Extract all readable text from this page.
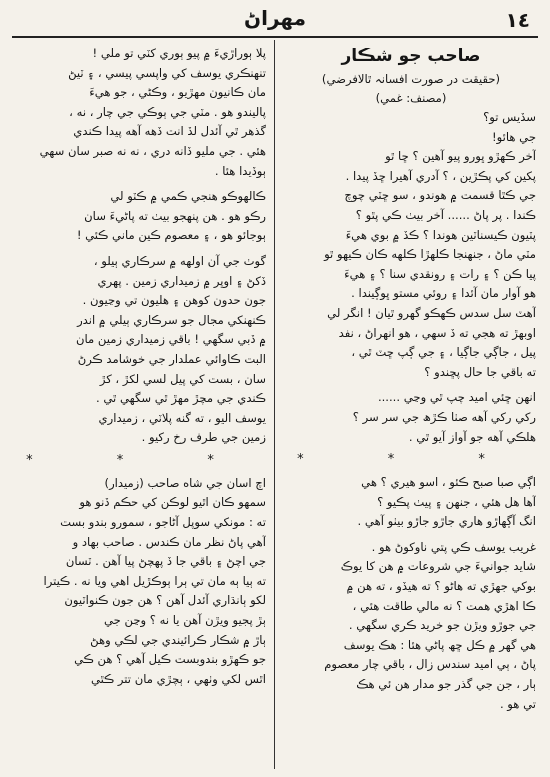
مهراڻ	١٤
صاحب جو شڪار
(حقيقت در صورت افسانہ ٿالافرضي)
(مصنف: غمي)
سڏيس تو؟
جي هائو!
آخر ڪهڙو ڀورو پيو آهين ؟ ڇا ٿو
پکين کي پڪڙين ، ؟ آدري آهيرا ڇڏ پيدا .
جي ڪٿا قسمت ۾ هوندو ، سو ڇٽي چوچ
ڪندا . پر پاڻ ...... آخر بيٺ ڪي پٿو ؟
پٽيون ڪيسناٽين هوندا ؟ ڪڏ ۾ بوي هيءَ
مٽي ماڻ ، جنهنجا ڪلهڙا ڪلهه ڪان ڪيهو ٿو
پيا ڪن ؟ ۽ رات ۽ رونقدي سنا ؟ ۽ هيءَ
هو آوار مان آئدا ۽ روئي مستو ڀوڳيندا .
آهٽ سل سدس ڪهڪو گهرو ٿيان ! انگر لي
اوبھڙ ته هجي ته ڏ سهي ، هو انهراڻ ، نفد
پيل ، جاڳي جاڳيا ، ۽ جي ڳپ ڇٽ ٿي ،
ته باقي جا حال پڇندو ؟
انهن ڇئي اميد چپ ٿي وڃي ......
رکي رکي آهه صٺا ڪڙھ جي سر سر ؟
هلڪي آهه جو آواز آيو ٿي .
* * *
اڳي صبا صبح ڪئو ، اسو هيري ؟ هي
آها هل هئي ، جنهن ۽ پيٺ پڪيو ؟
انگ آڳهاڙو هاري جاڙو جاڙو بيٺو آهي .
غريب يوسف ڪي پتي ناوکوڻ هو .
شايد جوانيءَ جي شروعات ۾ هن کا يوڪ
بوکي جهڙي ته هاڻو ؟ ته هيڏو ، ته هن ۾
ڪا اهڙي همت ؟ نه مالي طاقت هئي ،
جي جوڙو ويڙن جو خريد ڪري سگهي .
هي گهر ۾ ڪل ڇھ پاڻي هئا : هڪ يوسف
پاڻ ، ٻي اميد سندس زال ، باقي چار معصوم
ٻار ، جن جي گذر جو مدار هن ئي هڪ
تي هو .
پلا ٻوراڙيءَ ۾ پيو ٻوري کٽي تو ملي !
تنهنڪري يوسف کي واپسي پيسي ، ۽ ٽيڻ
مان ڪانيون مهڙيو ، وڪڻي ، جو هيءَ
پاليندو هو . مٽي جي ٻوڪي جي چار ، نه ،
گذهر ٿي آئدل لڏ انت ڏهه آهه پيدا ڪندي
هئي . جي مليو ڏانه دري ، نه نه صبر سان سهي
ٻوڏيدا هئا .
ڪالهوڪو هنجي ڪمي ۾ ڪٽو لي
رڪو هو . هن پنهجو بيٺ ته پاڻيءَ سان
ٻوجائو هو ، ۽ معصوم ڪين ماني ڪئي !
گوٺ جي آن اولهه ۾ سرڪاري ٻيلو ،
ڏکڻ ۽ اوڀر ۾ زميداري زمين . پهري
جون حدون کوهن ۽ هليون تي وڃيون .
ڪنهنکي مجال جو سرڪاري ٻيلي ۾ اندر
۾ ڏبي سگهي ! باقي زميداري زمين مان
البت ڪاوائي عملدار جي خوشامد ڪرڻ
سان ، بست کي پيل لسي لکڙ ، کڙ
ڪندي جي مچڙ مهڙ ٿي سگهي ٿي .
يوسف اليو ، ته گنه پلاٽي ، زميداري
زمين جي طرف رخ رکيو .
* * *
اچ اسان جي شاه صاحب (زميدار)
سمهو ڪان اٿيو لوڪن کي حڪم ڏنو هو
ته : مونکي سوپل آڻاجو ، سمورو بندو بست
آهي پاڻ نظر مان ڪندس . صاحب بهاد و
جي اچڻ ۽ باقي جا ڏ پهچڻ پيا آهن . ٽسان
ته ٻيا ٻه مان تي ٻرا ٻوڪڙيل اهي ويا نه . ڪيترا
لکو ٻانڌاري آئدل آهن ؟ هن جون ڪنواٽيون
ٻڙ پجيو ويڙن آهن يا نه ؟ وڃن جي
ٻاڙ ۾ شڪار ڪرائيندي جي لڪي وهڻ
جو ڪهڙو بندوبست ڪيل آهي ؟ هن ڪي
اٿس لکي وٺهي ، ٻچڙي مان تتر ڪٿي
